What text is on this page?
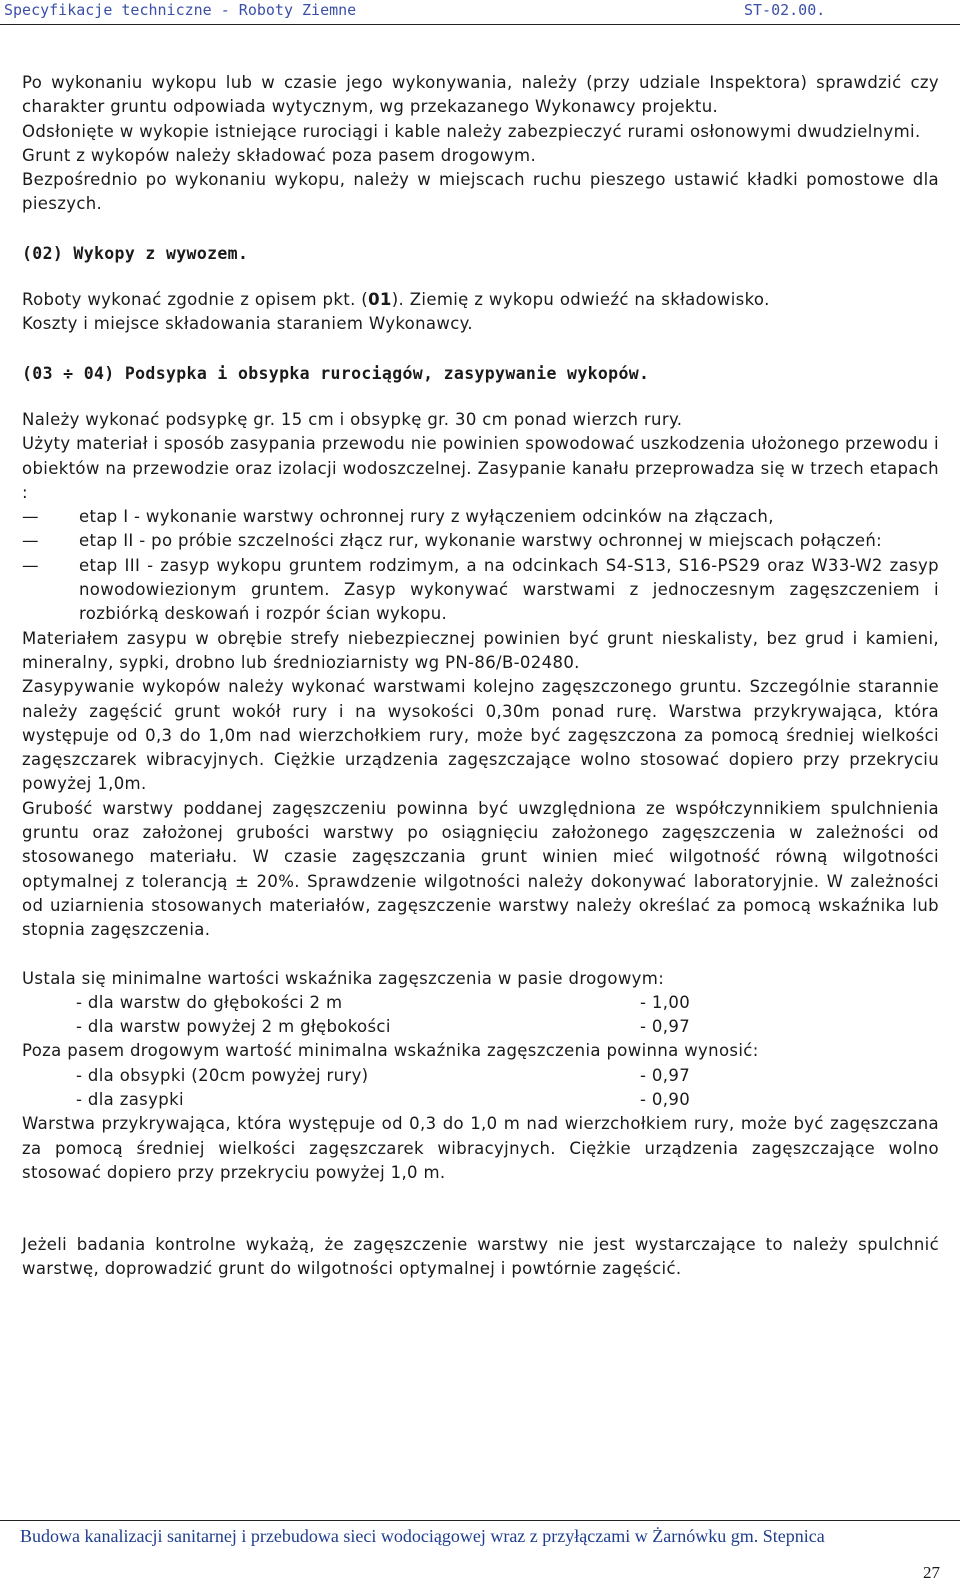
Specyfikacje techniczne - Roboty Ziemne	ST-02.00.

Po wykonaniu wykopu lub w czasie jego wykonywania, należy (przy udziale Inspektora) sprawdzić czy charakter gruntu odpowiada wytycznym, wg przekazanego Wykonawcy projektu.

Odsłonięte w wykopie istniejące rurociągi i kable należy zabezpieczyć rurami osłonowymi dwudzielnymi.

Grunt z wykopów należy składować poza pasem drogowym.

Bezpośrednio po wykonaniu wykopu, należy w miejscach ruchu pieszego ustawić kładki pomostowe dla pieszych.

(02) Wykopy z wywozem.

Roboty wykonać zgodnie z opisem pkt. (01). Ziemię z wykopu odwieźć na składowisko.

Koszty i miejsce składowania staraniem Wykonawcy.

(03 ÷ 04) Podsypka i obsypka rurociągów, zasypywanie wykopów.

Należy wykonać podsypkę gr. 15 cm i obsypkę gr. 30 cm ponad wierzch rury.

Użyty materiał i sposób zasypania przewodu nie powinien spowodować uszkodzenia ułożonego przewodu i obiektów na przewodzie oraz izolacji wodoszczelnej. Zasypanie kanału przeprowadza się w trzech etapach :

—	etap I - wykonanie warstwy ochronnej rury z wyłączeniem odcinków na złączach,
—	etap II - po próbie szczelności złącz rur, wykonanie warstwy ochronnej w miejscach połączeń:
—	etap III - zasyp wykopu gruntem rodzimym, a na odcinkach S4-S13, S16-PS29 oraz W33-W2 zasyp nowodowiezionym gruntem. Zasyp wykonywać warstwami z jednoczesnym zagęszczeniem i rozbiórką deskowań i rozpór ścian wykopu.

Materiałem zasypu w obrębie strefy niebezpiecznej powinien być grunt nieskalisty, bez grud i kamieni, mineralny, sypki, drobno lub średnioziarnisty wg PN-86/B-02480.

Zasypywanie wykopów należy wykonać warstwami kolejno zagęszczonego gruntu. Szczególnie starannie należy zagęścić grunt wokół rury i na wysokości 0,30m ponad rurę. Warstwa przykrywająca, która występuje od 0,3 do 1,0m nad wierzchołkiem rury, może być zagęszczona za pomocą średniej wielkości zagęszczarek wibracyjnych. Ciężkie urządzenia zagęszczające wolno stosować dopiero przy przekryciu powyżej 1,0m.

Grubość warstwy poddanej zagęszczeniu powinna być uwzględniona ze współczynnikiem spulchnienia gruntu oraz założonej grubości warstwy po osiągnięciu założonego zagęszczenia w zależności od stosowanego materiału. W czasie zagęszczania grunt winien mieć wilgotność równą wilgotności optymalnej z tolerancją ± 20%. Sprawdzenie wilgotności należy dokonywać laboratoryjnie. W zależności od uziarnienia stosowanych materiałów, zagęszczenie warstwy należy określać za pomocą wskaźnika lub stopnia zagęszczenia.

Ustala się minimalne wartości wskaźnika zagęszczenia w pasie drogowym:

- dla warstw do głębokości 2 m	- 1,00
- dla warstw powyżej 2 m głębokości	- 0,97

Poza pasem drogowym wartość minimalna wskaźnika zagęszczenia powinna wynosić:

- dla obsypki (20cm powyżej rury)	- 0,97
- dla zasypki	- 0,90

Warstwa przykrywająca, która występuje od 0,3 do 1,0 m nad wierzchołkiem rury, może być zagęszczana za pomocą średniej wielkości zagęszczarek wibracyjnych. Ciężkie urządzenia zagęszczające wolno stosować dopiero przy przekryciu powyżej 1,0 m.

Jeżeli badania kontrolne wykażą, że zagęszczenie warstwy nie jest wystarczające to należy spulchnić warstwę, doprowadzić grunt do wilgotności optymalnej i powtórnie zagęścić.

Budowa kanalizacji sanitarnej i przebudowa sieci wodociągowej wraz z przyłączami w Żarnówku gm. Stepnica
27
